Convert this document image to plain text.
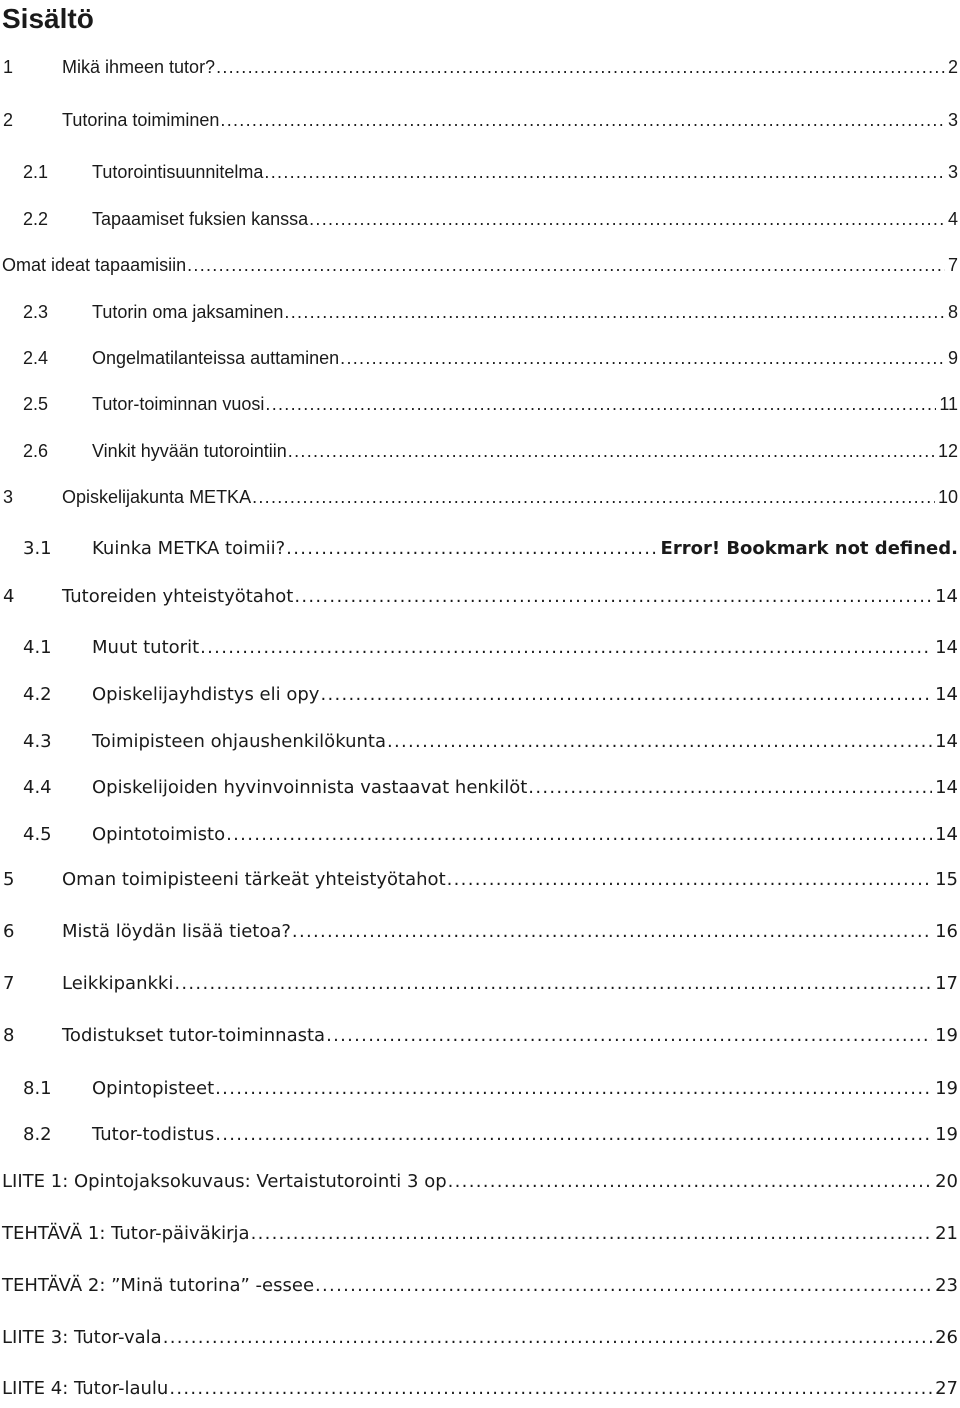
Sisältö
1	Mikä ihmeen tutor? .....	2
2	Tutorina toimiminen .....	3
2.1 Tutorointisuunnitelma .....	3
2.2 Tapaamiset fuksien kanssa .....	4
Omat ideat tapaamisiin .....	7
2.3 Tutorin oma jaksaminen .....	8
2.4 Ongelmatilanteissa auttaminen .....	9
2.5 Tutor-toiminnan vuosi .....	11
2.6 Vinkit hyvään tutorointiin .....	12
3	Opiskelijakunta METKA .....	10
3.1 Kuinka METKA toimii? .....	Error! Bookmark not defined.
4	Tutoreiden yhteistyötahot .....	14
4.1 Muut tutorit .....	14
4.2 Opiskelijayhdistys eli opy .....	14
4.3 Toimipisteen ohjaushenkilökunta .....	14
4.4 Opiskelijoiden hyvinvoinnista vastaavat henkilöt .....	14
4.5 Opintotoimisto .....	14
5	Oman toimipisteeni tärkeät yhteistyötahot .....	15
6	Mistä löydän lisää tietoa? .....	16
7	Leikkipankki .....	17
8	Todistukset tutor-toiminnasta .....	19
8.1 Opintopisteet .....	19
8.2 Tutor-todistus .....	19
LIITE 1: Opintojaksokuvaus: Vertaistutorointi 3 op .....	20
TEHTÄVÄ 1: Tutor-päiväkirja .....	21
TEHTÄVÄ 2: ”Minä tutorina” -essee .....	23
LIITE 3: Tutor-vala .....	26
LIITE 4: Tutor-laulu .....	27
